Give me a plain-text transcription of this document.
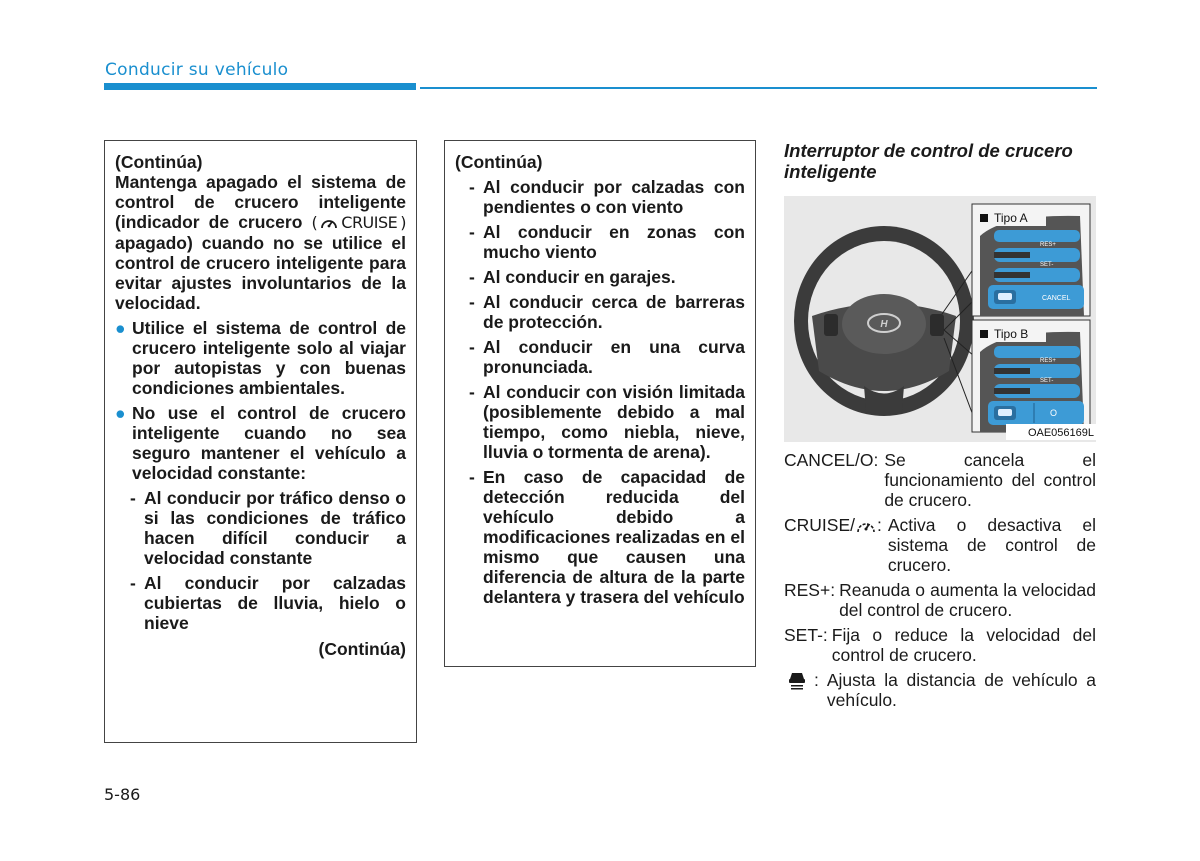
Conducir su vehículo

(Continúa)

Mantenga apagado el sistema de control de crucero inteligente (indicador de crucero ( CRUISE )
apagado) cuando no se utilice el control de crucero inteligente para evitar ajustes involuntarios de la velocidad.

● Utilice el sistema de control de crucero inteligente solo al viajar por autopistas y con buenas condiciones ambientales.

● No use el control de crucero inteligente cuando no sea seguro mantener el vehículo a velocidad constante:

- Al conducir por tráfico denso o si las condiciones de tráfico hacen difícil conducir a velocidad constante

- Al conducir por calzadas cubiertas de lluvia, hielo o nieve

(Continúa)

(Continúa)

- Al conducir por calzadas con pendientes o con viento

- Al conducir en zonas con mucho viento

- Al conducir en garajes.

- Al conducir cerca de barreras de protección.

- Al conducir en una curva pronunciada.

- Al conducir con visión limitada (posiblemente debido a mal tiempo, como niebla, nieve, lluvia o tormenta de arena).

- En caso de capacidad de detección reducida del vehículo debido a modificaciones realizadas en el mismo que causen una diferencia de altura de la parte delantera y trasera del vehículo

Interruptor de control de crucero inteligente
H
Tipo A
RES+
SET-
CANCEL
Tipo B
RES+
SET-
O
OAE056169L
CANCEL/O: Se cancela el funcionamiento del control de crucero.
CRUISE/ : Activa o desactiva el sistema de control de crucero.
RES+: Reanuda o aumenta la velocidad del control de crucero.
SET-: Fija o reduce la velocidad del control de crucero.
: Ajusta la distancia de vehículo a vehículo.
5-86
